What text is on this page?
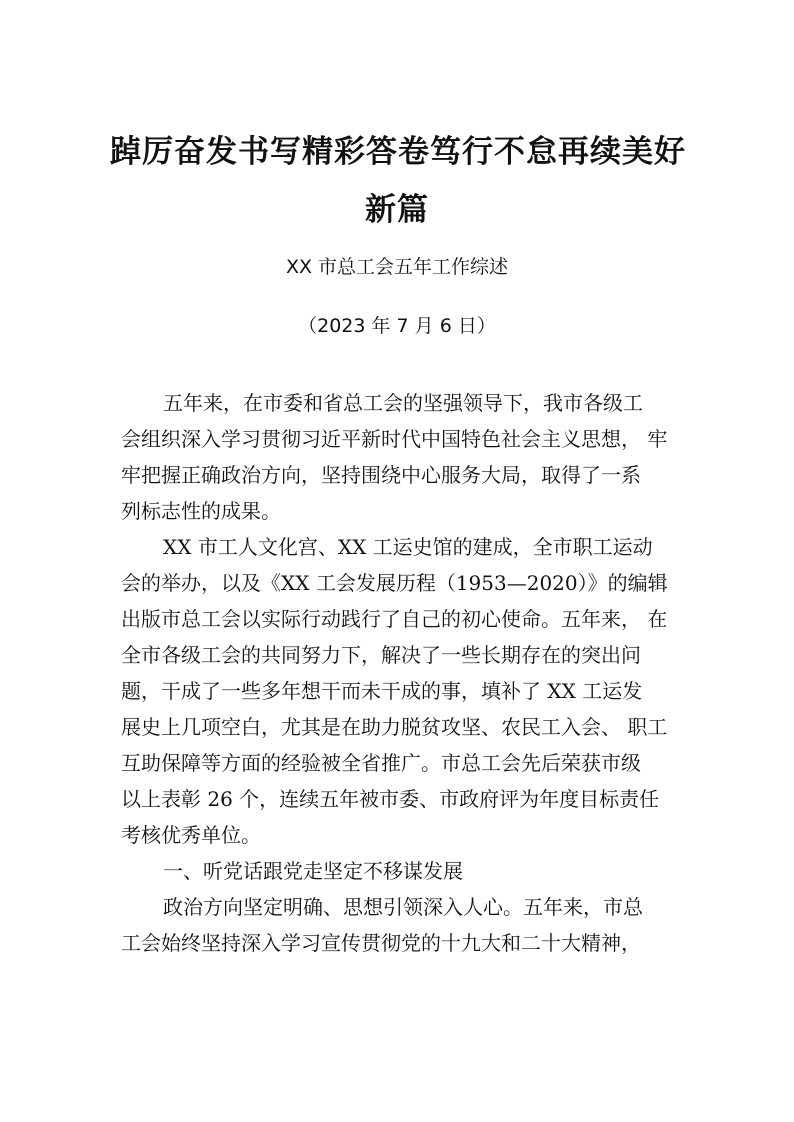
踔厉奋发书写精彩答卷笃行不怠再续美好
新篇
XX 市总工会五年工作综述
（2023 年 7 月 6 日）
五年来，在市委和省总工会的坚强领导下，我市各级工
会组织深入学习贯彻习近平新时代中国特色社会主义思想， 牢
牢把握正确政治方向，坚持围绕中心服务大局，取得了一系
列标志性的成果。
XX 市工人文化宫、XX 工运史馆的建成，全市职工运动
会的举办，以及《XX 工会发展历程（1953—2020）》的编辑
出版市总工会以实际行动践行了自己的初心使命。五年来， 在
全市各级工会的共同努力下，解决了一些长期存在的突出问
题，干成了一些多年想干而未干成的事，填补了 XX 工运发
展史上几项空白，尤其是在助力脱贫攻坚、农民工入会、 职工
互助保障等方面的经验被全省推广。市总工会先后荣获市级
以上表彰 26 个，连续五年被市委、市政府评为年度目标责任
考核优秀单位。
一、听党话跟党走坚定不移谋发展
政治方向坚定明确、思想引领深入人心。五年来，市总
工会始终坚持深入学习宣传贯彻党的十九大和二十大精神，
